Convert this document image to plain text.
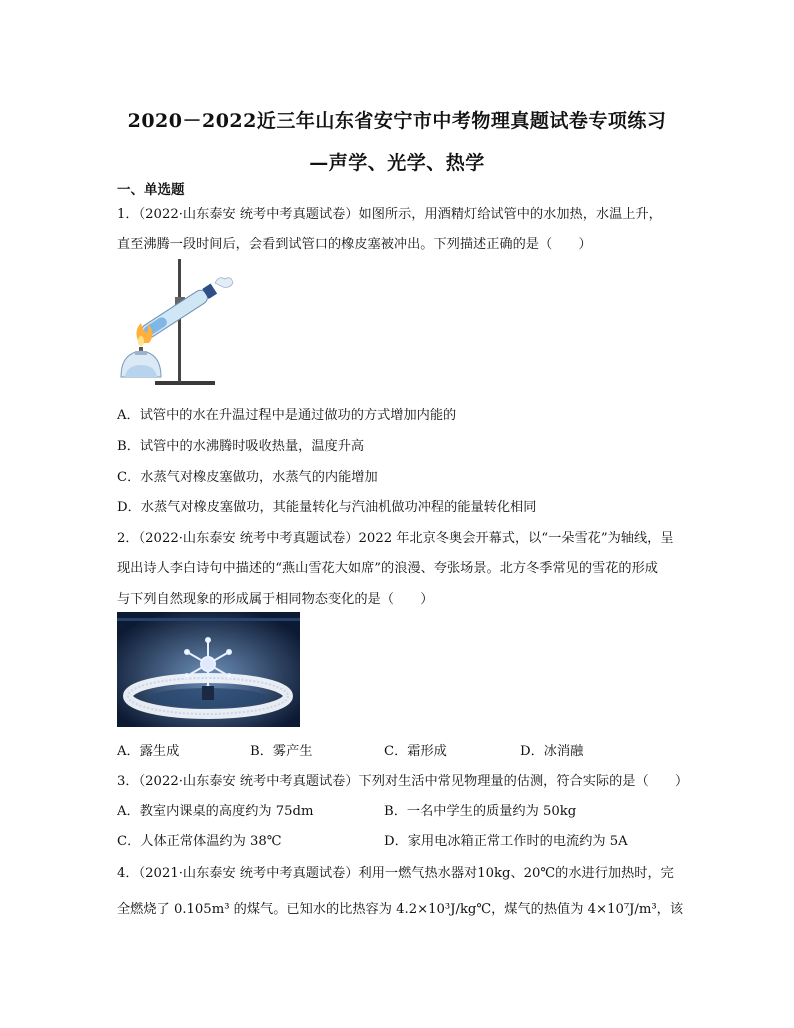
2020－2022近三年山东省安宁市中考物理真题试卷专项练习
—声学、光学、热学
一、单选题
1．（2022·山东泰安 统考中考真题试卷）如图所示，用酒精灯给试管中的水加热，水温上升，
直至沸腾一段时间后，会看到试管口的橡皮塞被冲出。下列描述正确的是（　　）
A．试管中的水在升温过程中是通过做功的方式增加内能的
B．试管中的水沸腾时吸收热量，温度升高
C．水蒸气对橡皮塞做功，水蒸气的内能增加
D．水蒸气对橡皮塞做功，其能量转化与汽油机做功冲程的能量转化相同
2．（2022·山东泰安 统考中考真题试卷）2022 年北京冬奥会开幕式，以“一朵雪花”为轴线，呈
现出诗人李白诗句中描述的“燕山雪花大如席”的浪漫、夸张场景。北方冬季常见的雪花的形成
与下列自然现象的形成属于相同物态变化的是（　　）
A．露生成	B．雾产生	C．霜形成	D．冰消融
3．（2022·山东泰安 统考中考真题试卷）下列对生活中常见物理量的估测，符合实际的是（　　）
A．教室内课桌的高度约为 75dm	B．一名中学生的质量约为 50kg
C．人体正常体温约为 38℃	D．家用电冰箱正常工作时的电流约为 5A
4．（2021·山东泰安 统考中考真题试卷）利用一燃气热水器对10kg、20℃的水进行加热时，完
全燃烧了 0.105m³ 的煤气。已知水的比热容为 4.2×10³J/kg℃，煤气的热值为 4×10⁷J/m³，该
